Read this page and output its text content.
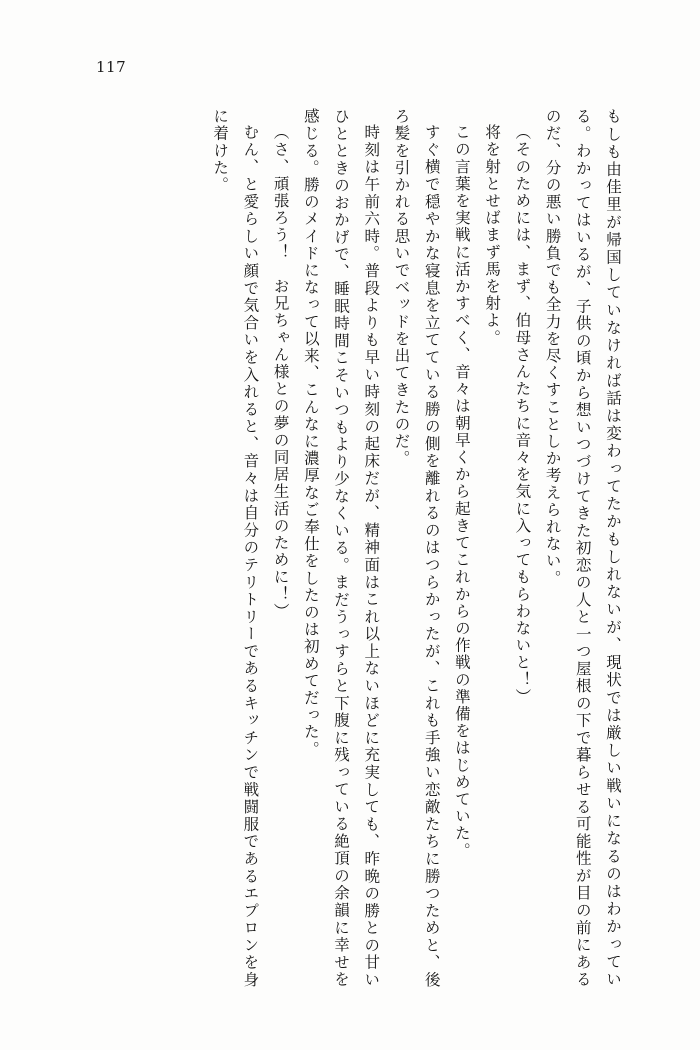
117

もしも由佳里が帰国していなければ話は変わってたかもしれないが、現状では厳しい戦いになるのはわかっている。わかってはいるが、子供の頃から想いつづけてきた初恋の人と一つ屋根の下で暮らせる可能性が目の前にあるのだ、分の悪い勝負でも全力を尽くすことしか考えられない。

（そのためには、まず、伯母さんたちに音々を気に入ってもらわないと！）

将を射とせばまず馬を射よ。

この言葉を実戦に活かすべく、音々は朝早くから起きてこれからの作戦の準備をはじめていた。

すぐ横で穏やかな寝息を立てている勝の側を離れるのはつらかったが、これも手強い恋敵たちに勝つためと、後ろ髪を引かれる思いでベッドを出てきたのだ。

時刻は午前六時。普段よりも早い時刻の起床だが、精神面はこれ以上ないほどに充実しても、昨晩の勝との甘いひとときのおかげで、睡眠時間こそいつもより少なくいる。まだうっすらと下腹に残っている絶頂の余韻に幸せを感じる。勝のメイドになって以来、こんなに濃厚なご奉仕をしたのは初めてだった。

（さ、頑張ろう！　お兄ちゃん様との夢の同居生活のために！）

むん、と愛らしい顔で気合いを入れると、音々は自分のテリトリーであるキッチンで戦闘服であるエプロンを身に着けた。
